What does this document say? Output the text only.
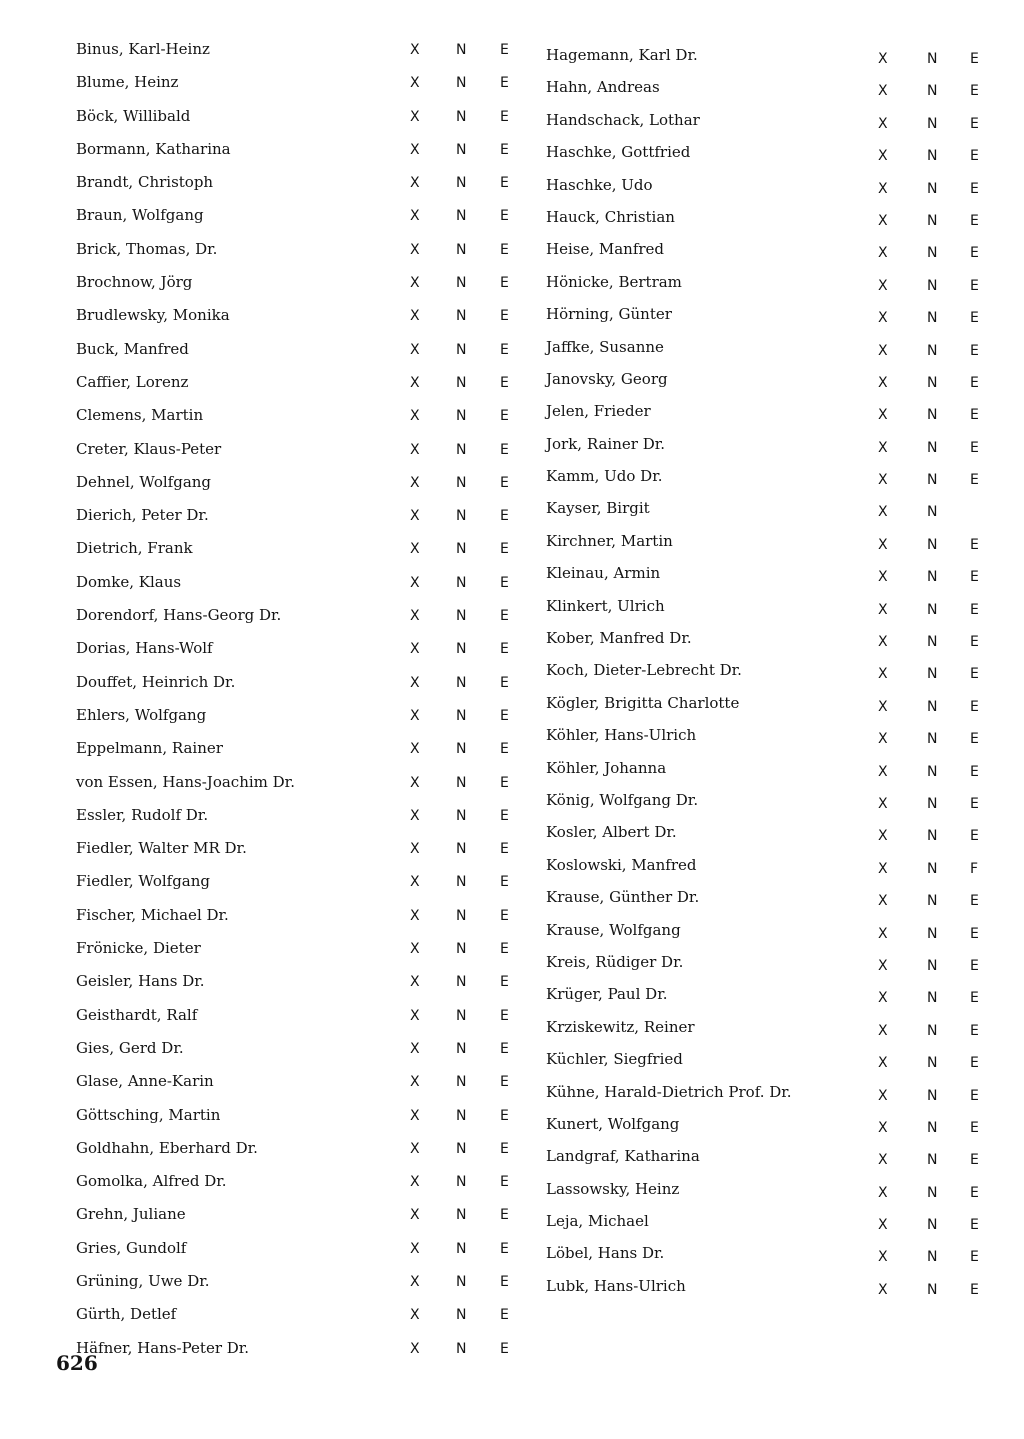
Binus, Karl-Heinz	X	N E
Blume, Heinz	X	N E
Böck, Willibald	X	N E
Bormann, Katharina	X	N E
Brandt, Christoph	X	N E
Braun, Wolfgang	X	N E
Brick, Thomas, Dr.	X	N E
Brochnow, Jörg	X	N E
Brudlewsky, Monika	X	N E
Buck, Manfred	X	N E
Caffier, Lorenz	X	N E
Clemens, Martin	X	N E
Creter, Klaus-Peter	X	N E
Dehnel, Wolfgang	X	N E
Dierich, Peter Dr.	X	N E
Dietrich, Frank	X	N E
Domke, Klaus	X	N E
Dorendorf, Hans-Georg Dr.	X	N E
Dorias, Hans-Wolf	X	N E
Douffet, Heinrich Dr.	X	N E
Ehlers, Wolfgang	X	N E
Eppelmann, Rainer	X	N E
von Essen, Hans-Joachim Dr.	X	N E
Essler, Rudolf Dr.	X	N E
Fiedler, Walter MR Dr.	X	N E
Fiedler, Wolfgang	X	N E
Fischer, Michael Dr.	X	N E
Frönicke, Dieter	X	N E
Geisler, Hans Dr.	X	N E
Geisthardt, Ralf	X	N E
Gies, Gerd Dr.	X	N E
Glase, Anne-Karin	X	N E
Göttsching, Martin	X	N E
Goldhahn, Eberhard Dr.	X	N E
Gomolka, Alfred Dr.	X	N E
Grehn, Juliane	X	N E
Gries, Gundolf	X	N E
Grüning, Uwe Dr.	X	N E
Gürth, Detlef	X	N E
Häfner, Hans-Peter Dr.	X	N E
Hagemann, Karl Dr.	X	N E
Hahn, Andreas	X	N E
Handschack, Lothar	X	N E
Haschke, Gottfried	X	N E
Haschke, Udo	X	N E
Hauck, Christian	X	N E
Heise, Manfred	X	N E
Hönicke, Bertram	X	N E
Hörning, Günter	X	N E
Jaffke, Susanne	X	N E
Janovsky, Georg	X	N E
Jelen, Frieder	X	N E
Jork, Rainer Dr.	X	N E
Kamm, Udo Dr.	X	N E
Kayser, Birgit	X	N
Kirchner, Martin	X	N E
Kleinau, Armin	X	N E
Klinkert, Ulrich	X	N E
Kober, Manfred Dr.	X	N E
Koch, Dieter-Lebrecht Dr.	X	N E
Kögler, Brigitta Charlotte	X	N E
Köhler, Hans-Ulrich	X	N E
Köhler, Johanna	X	N E
König, Wolfgang Dr.	X	N E
Kosler, Albert Dr.	X	N E
Koslowski, Manfred	X	N F
Krause, Günther Dr.	X	N E
Krause, Wolfgang	X	N E
Kreis, Rüdiger Dr.	X	N E
Krüger, Paul Dr.	X	N E
Krziskewitz, Reiner	X	N E
Küchler, Siegfried	X	N E
Kühne, Harald-Dietrich Prof. Dr.	X	N E
Kunert, Wolfgang	X	N E
Landgraf, Katharina	X	N E
Lassowsky, Heinz	X	N E
Leja, Michael	X	N E
Löbel, Hans Dr.	X	N E
Lubk, Hans-Ulrich	X	N E
626
